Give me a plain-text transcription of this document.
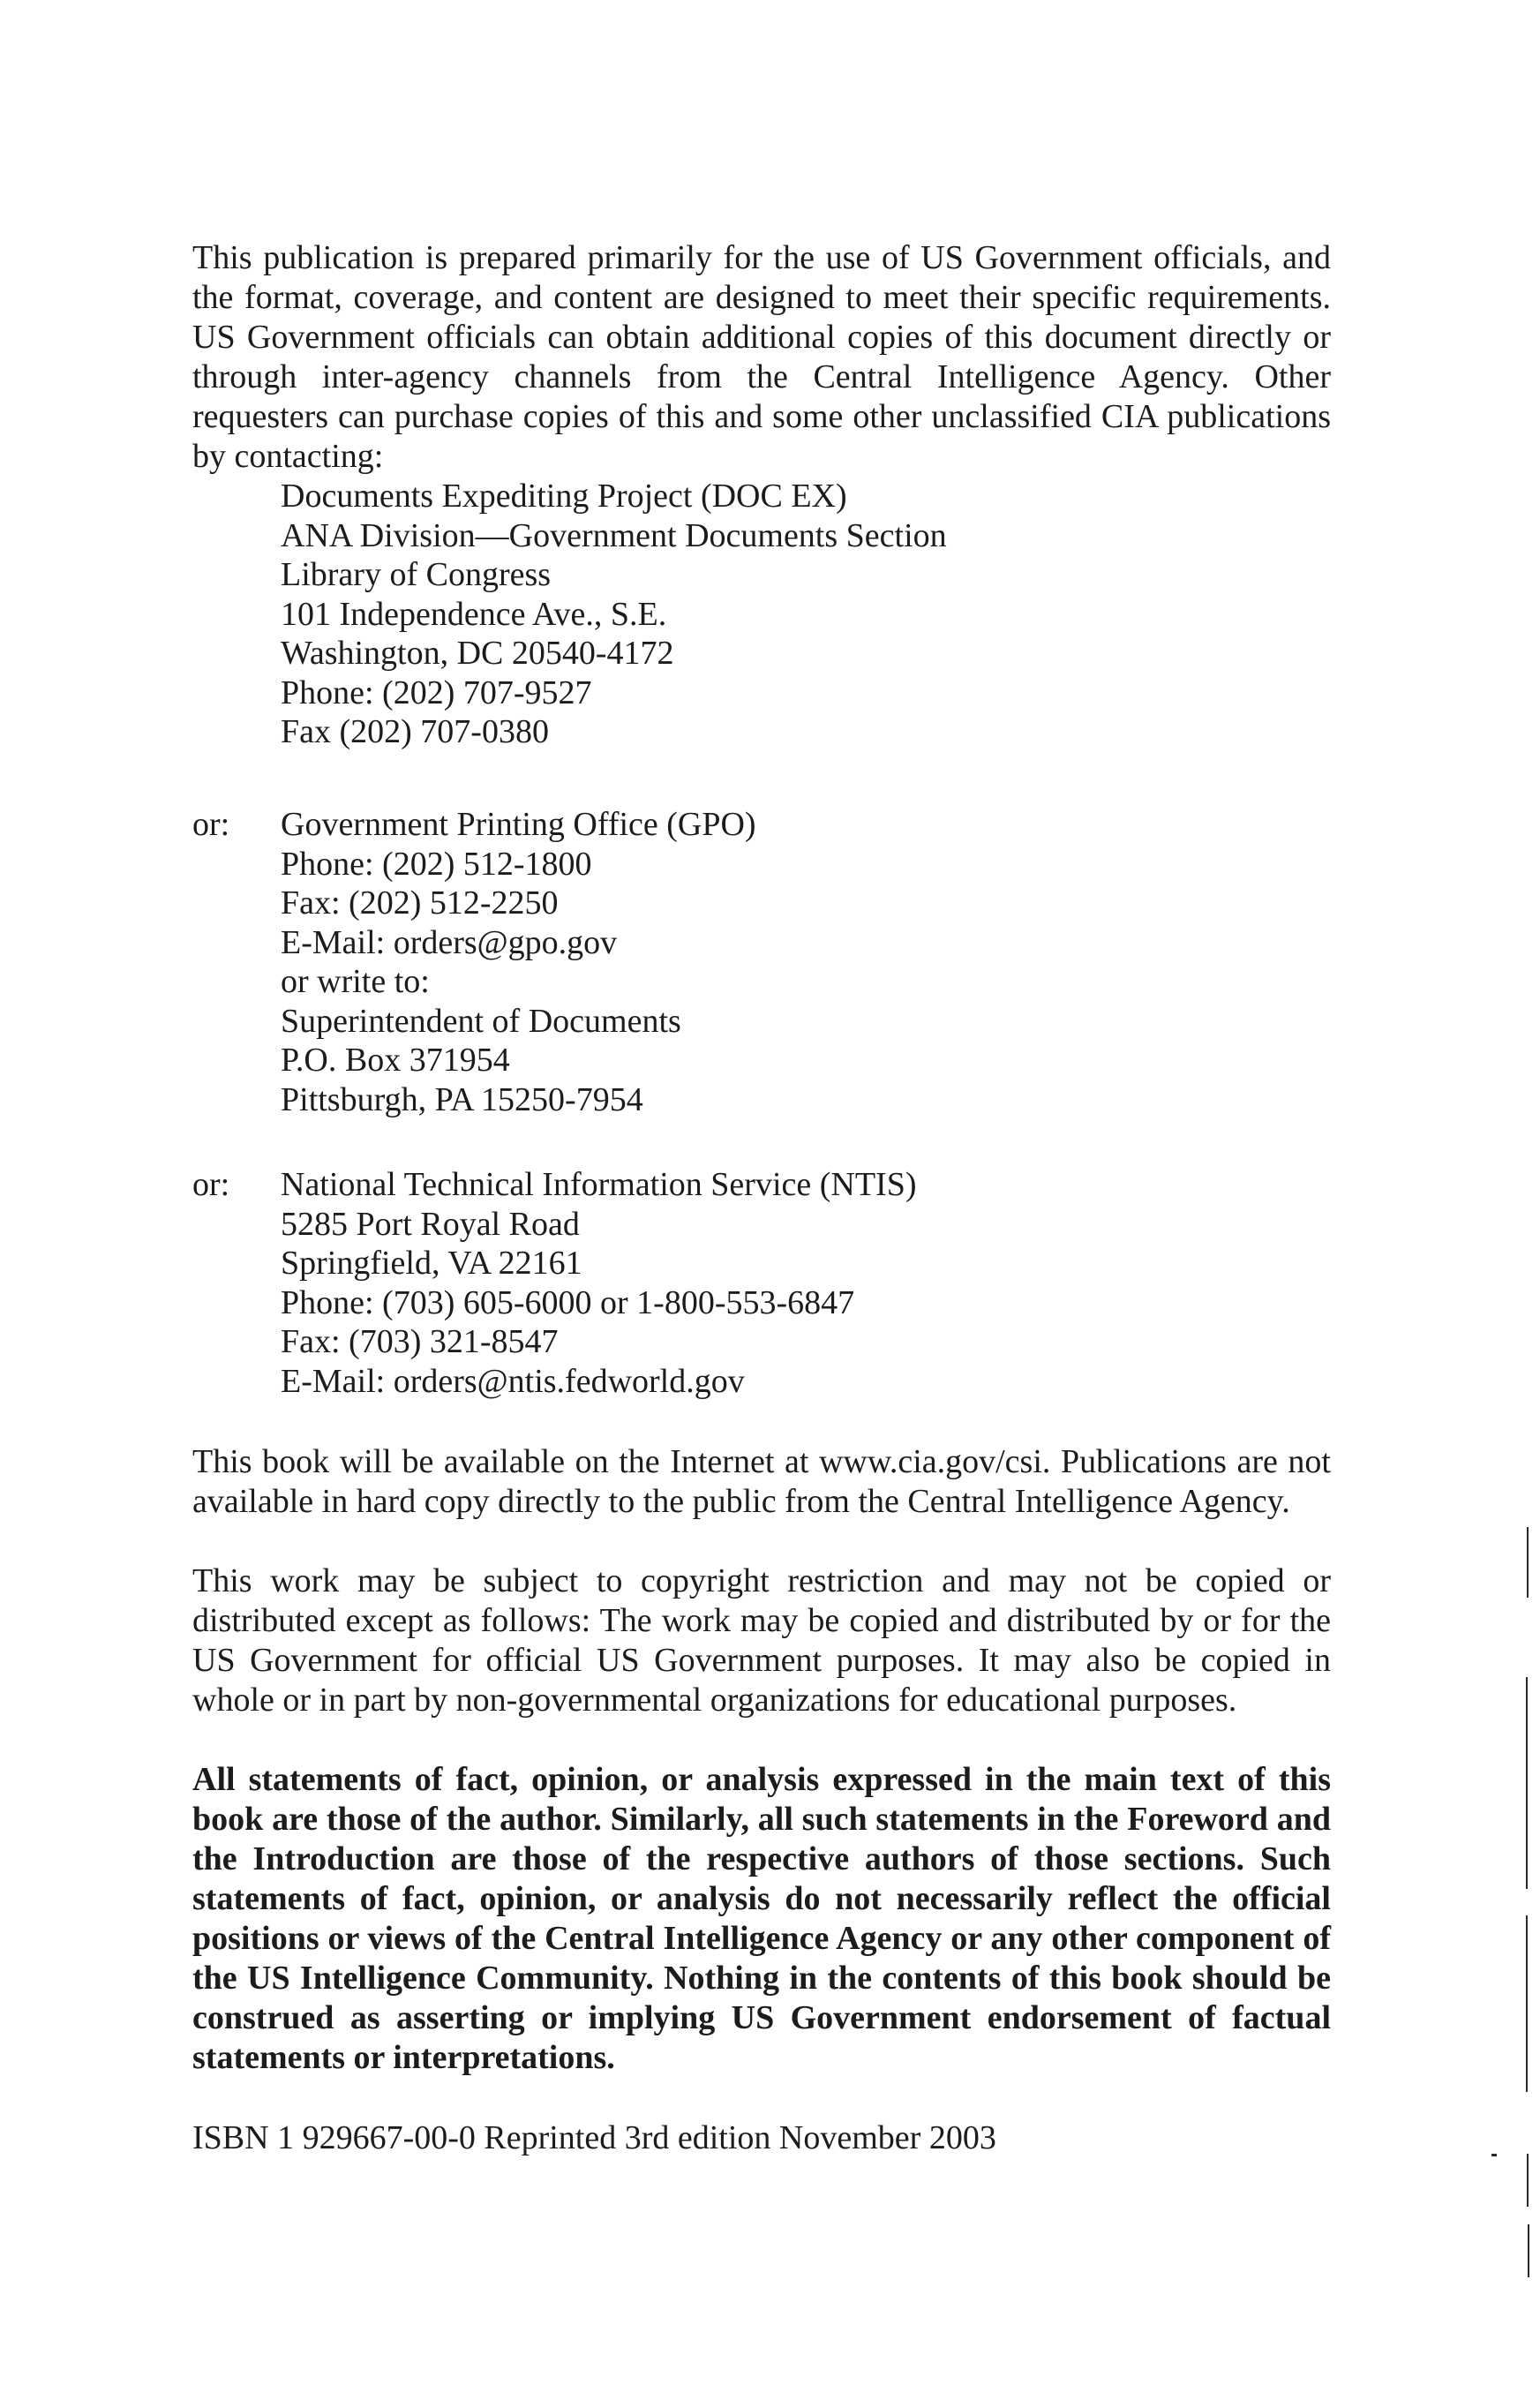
This publication is prepared primarily for the use of US Government officials, and the format, coverage, and content are designed to meet their specific requirements. US Government officials can obtain additional copies of this document directly or through inter-agency channels from the Central Intelligence Agency. Other requesters can purchase copies of this and some other unclassified CIA publications by contacting:

Documents Expediting Project (DOC EX)
ANA Division—Government Documents Section
Library of Congress
101 Independence Ave., S.E.
Washington, DC 20540-4172
Phone: (202) 707-9527
Fax (202) 707-0380
or: Government Printing Office (GPO)
Phone: (202) 512-1800
Fax: (202) 512-2250
E-Mail: orders@gpo.gov
or write to:
Superintendent of Documents
P.O. Box 371954
Pittsburgh, PA 15250-7954
or: National Technical Information Service (NTIS)
5285 Port Royal Road
Springfield, VA 22161
Phone: (703) 605-6000 or 1-800-553-6847
Fax: (703) 321-8547
E-Mail: orders@ntis.fedworld.gov

This book will be available on the Internet at www.cia.gov/csi. Publications are not available in hard copy directly to the public from the Central Intelligence Agency.

This work may be subject to copyright restriction and may not be copied or distributed except as follows: The work may be copied and distributed by or for the US Government for official US Government purposes. It may also be copied in whole or in part by non-governmental organizations for educational purposes.

All statements of fact, opinion, or analysis expressed in the main text of this book are those of the author. Similarly, all such statements in the Foreword and the Introduction are those of the respective authors of those sections. Such statements of fact, opinion, or analysis do not necessarily reflect the official positions or views of the Central Intelligence Agency or any other component of the US Intelligence Community. Nothing in the contents of this book should be construed as asserting or implying US Government endorsement of factual statements or interpretations.

ISBN 1 929667-00-0 Reprinted 3rd edition November 2003
